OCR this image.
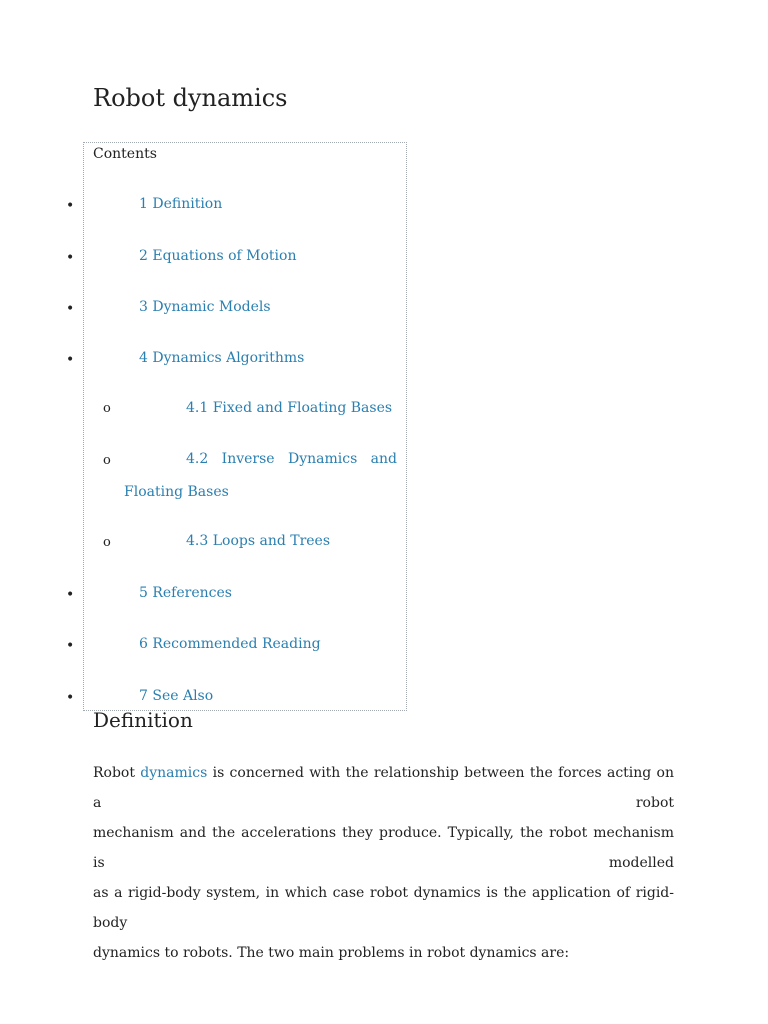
Robot dynamics
Contents
•	1 Definition
•	2 Equations of Motion
•	3 Dynamic Models
•	4 Dynamics Algorithms
o	4.1 Fixed and Floating Bases
o	4.2 Inverse Dynamics and
Floating Bases
o	4.3 Loops and Trees
•	5 References
•	6 Recommended Reading
•	7 See Also
Definition
Robot dynamics is concerned with the relationship between the forces acting on a robot
mechanism and the accelerations they produce. Typically, the robot mechanism is modelled
as a rigid-body system, in which case robot dynamics is the application of rigid-body
dynamics to robots. The two main problems in robot dynamics are:
